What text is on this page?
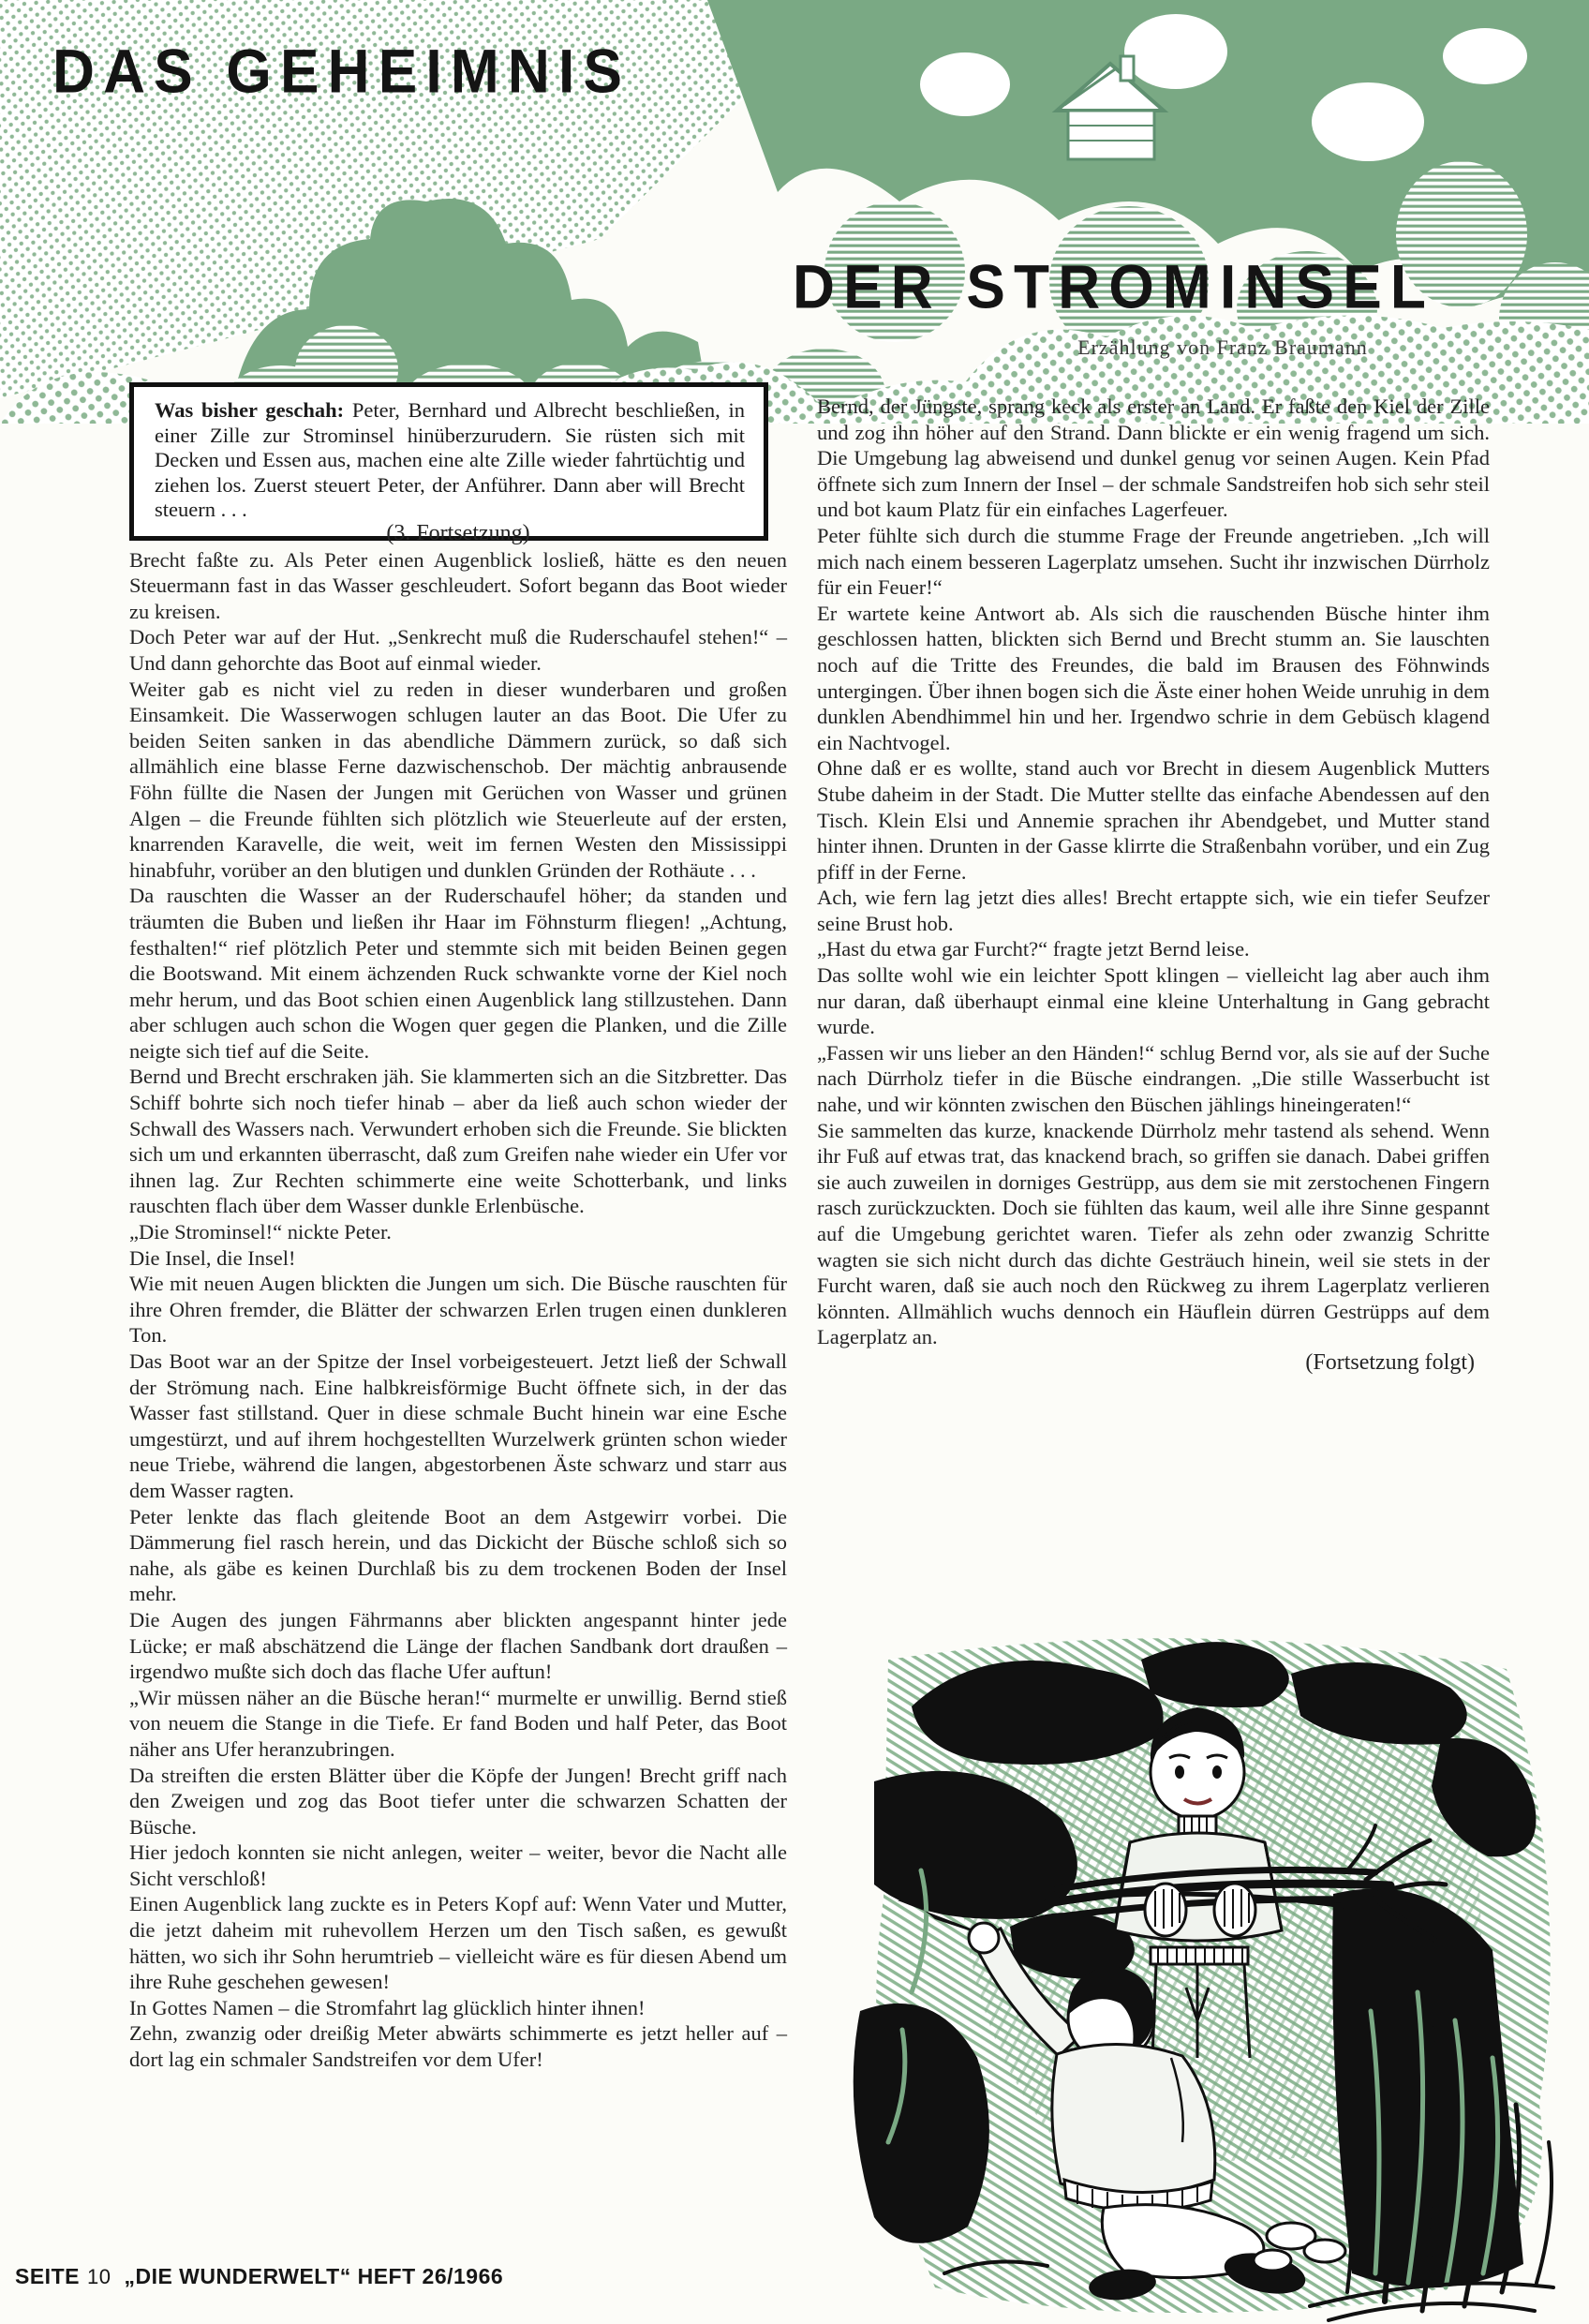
DAS GEHEIMNIS
DER STROMINSEL
Erzählung von Franz Braumann
Was bisher geschah: Peter, Bernhard und Albrecht beschließen, in einer Zille zur Strominsel hinüberzurudern. Sie rüsten sich mit Decken und Essen aus, machen eine alte Zille wieder fahrtüchtig und ziehen los. Zuerst steuert Peter, der Anführer. Dann aber will Brecht steuern . . .

(3. Fortsetzung)

Brecht faßte zu. Als Peter einen Augenblick losließ, hätte es den neuen Steuermann fast in das Wasser geschleudert. Sofort begann das Boot wieder zu kreisen.

Doch Peter war auf der Hut. „Senkrecht muß die Ruderschaufel stehen!“ – Und dann gehorchte das Boot auf einmal wieder.

Weiter gab es nicht viel zu reden in dieser wunderbaren und großen Einsamkeit. Die Wasserwogen schlugen lauter an das Boot. Die Ufer zu beiden Seiten sanken in das abendliche Dämmern zurück, so daß sich allmählich eine blasse Ferne dazwischenschob. Der mächtig anbrausende Föhn füllte die Nasen der Jungen mit Gerüchen von Wasser und grünen Algen – die Freunde fühlten sich plötzlich wie Steuerleute auf der ersten, knarrenden Karavelle, die weit, weit im fernen Westen den Mississippi hinabfuhr, vorüber an den blutigen und dunklen Gründen der Rothäute . . .

Da rauschten die Wasser an der Ruderschaufel höher; da standen und träumten die Buben und ließen ihr Haar im Föhnsturm fliegen! „Achtung, festhalten!“ rief plötzlich Peter und stemmte sich mit beiden Beinen gegen die Bootswand. Mit einem ächzenden Ruck schwankte vorne der Kiel noch mehr herum, und das Boot schien einen Augenblick lang stillzustehen. Dann aber schlugen auch schon die Wogen quer gegen die Planken, und die Zille neigte sich tief auf die Seite.

Bernd und Brecht erschraken jäh. Sie klammerten sich an die Sitzbretter. Das Schiff bohrte sich noch tiefer hinab – aber da ließ auch schon wieder der Schwall des Wassers nach. Verwundert erhoben sich die Freunde. Sie blickten sich um und erkannten überrascht, daß zum Greifen nahe wieder ein Ufer vor ihnen lag. Zur Rechten schimmerte eine weite Schotterbank, und links rauschten flach über dem Wasser dunkle Erlenbüsche.

„Die Strominsel!“ nickte Peter.

Die Insel, die Insel!

Wie mit neuen Augen blickten die Jungen um sich. Die Büsche rauschten für ihre Ohren fremder, die Blätter der schwarzen Erlen trugen einen dunkleren Ton.

Das Boot war an der Spitze der Insel vorbeigesteuert. Jetzt ließ der Schwall der Strömung nach. Eine halbkreisförmige Bucht öffnete sich, in der das Wasser fast stillstand. Quer in diese schmale Bucht hinein war eine Esche umgestürzt, und auf ihrem hochgestellten Wurzelwerk grünten schon wieder neue Triebe, während die langen, abgestorbenen Äste schwarz und starr aus dem Wasser ragten.

Peter lenkte das flach gleitende Boot an dem Astgewirr vorbei. Die Dämmerung fiel rasch herein, und das Dickicht der Büsche schloß sich so nahe, als gäbe es keinen Durchlaß bis zu dem trockenen Boden der Insel mehr.

Die Augen des jungen Fährmanns aber blickten angespannt hinter jede Lücke; er maß abschätzend die Länge der flachen Sandbank dort draußen – irgendwo mußte sich doch das flache Ufer auftun!

„Wir müssen näher an die Büsche heran!“ murmelte er unwillig. Bernd stieß von neuem die Stange in die Tiefe. Er fand Boden und half Peter, das Boot näher ans Ufer heranzubringen.

Da streiften die ersten Blätter über die Köpfe der Jungen! Brecht griff nach den Zweigen und zog das Boot tiefer unter die schwarzen Schatten der Büsche.

Hier jedoch konnten sie nicht anlegen, weiter – weiter, bevor die Nacht alle Sicht verschloß!

Einen Augenblick lang zuckte es in Peters Kopf auf: Wenn Vater und Mutter, die jetzt daheim mit ruhevollem Herzen um den Tisch saßen, es gewußt hätten, wo sich ihr Sohn herumtrieb – vielleicht wäre es für diesen Abend um ihre Ruhe geschehen gewesen!

In Gottes Namen – die Stromfahrt lag glücklich hinter ihnen!

Zehn, zwanzig oder dreißig Meter abwärts schimmerte es jetzt heller auf – dort lag ein schmaler Sandstreifen vor dem Ufer!

Bernd, der Jüngste, sprang keck als erster an Land. Er faßte den Kiel der Zille und zog ihn höher auf den Strand. Dann blickte er ein wenig fragend um sich. Die Umgebung lag abweisend und dunkel genug vor seinen Augen. Kein Pfad öffnete sich zum Innern der Insel – der schmale Sandstreifen hob sich sehr steil und bot kaum Platz für ein einfaches Lagerfeuer.

Peter fühlte sich durch die stumme Frage der Freunde angetrieben. „Ich will mich nach einem besseren Lagerplatz umsehen. Sucht ihr inzwischen Dürrholz für ein Feuer!“

Er wartete keine Antwort ab. Als sich die rauschenden Büsche hinter ihm geschlossen hatten, blickten sich Bernd und Brecht stumm an. Sie lauschten noch auf die Tritte des Freundes, die bald im Brausen des Föhnwinds untergingen. Über ihnen bogen sich die Äste einer hohen Weide unruhig in dem dunklen Abendhimmel hin und her. Irgendwo schrie in dem Gebüsch klagend ein Nachtvogel.

Ohne daß er es wollte, stand auch vor Brecht in diesem Augenblick Mutters Stube daheim in der Stadt. Die Mutter stellte das einfache Abendessen auf den Tisch. Klein Elsi und Annemie sprachen ihr Abendgebet, und Mutter stand hinter ihnen. Drunten in der Gasse klirrte die Straßenbahn vorüber, und ein Zug pfiff in der Ferne.

Ach, wie fern lag jetzt dies alles! Brecht ertappte sich, wie ein tiefer Seufzer seine Brust hob.

„Hast du etwa gar Furcht?“ fragte jetzt Bernd leise.

Das sollte wohl wie ein leichter Spott klingen – vielleicht lag aber auch ihm nur daran, daß überhaupt einmal eine kleine Unterhaltung in Gang gebracht wurde.

„Fassen wir uns lieber an den Händen!“ schlug Bernd vor, als sie auf der Suche nach Dürrholz tiefer in die Büsche eindrangen. „Die stille Wasserbucht ist nahe, und wir könnten zwischen den Büschen jählings hineingeraten!“

Sie sammelten das kurze, knackende Dürrholz mehr tastend als sehend. Wenn ihr Fuß auf etwas trat, das knackend brach, so griffen sie danach. Dabei griffen sie auch zuweilen in dorniges Gestrüpp, aus dem sie mit zerstochenen Fingern rasch zurückzuckten. Doch sie fühlten das kaum, weil alle ihre Sinne gespannt auf die Umgebung gerichtet waren. Tiefer als zehn oder zwanzig Schritte wagten sie sich nicht durch das dichte Gesträuch hinein, weil sie stets in der Furcht waren, daß sie auch noch den Rückweg zu ihrem Lagerplatz verlieren könnten. Allmählich wuchs dennoch ein Häuflein dürren Gestrüpps auf dem Lagerplatz an.

(Fortsetzung folgt)

SEITE 10 „DIE WUNDERWELT“ HEFT 26/1966
